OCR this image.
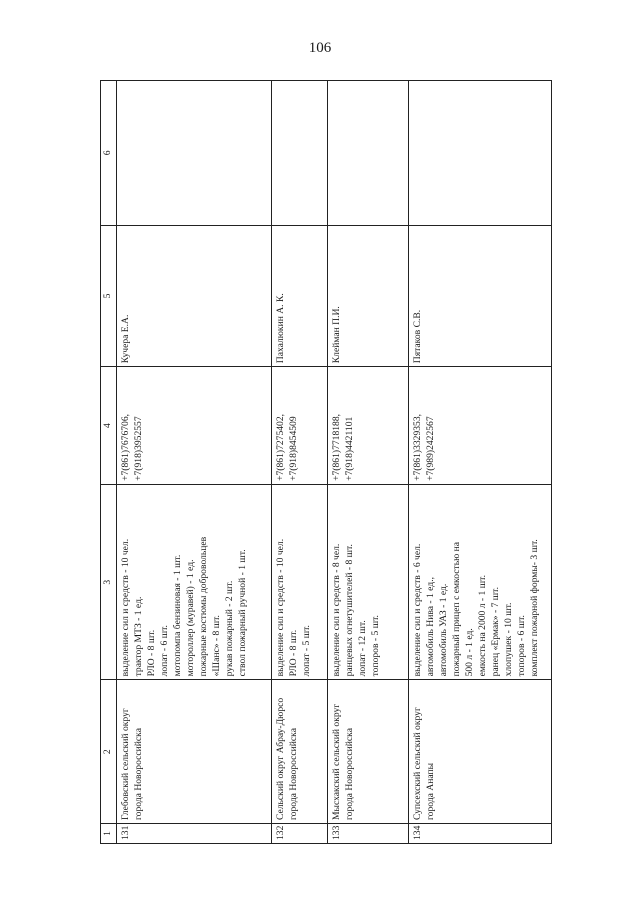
106
1
2
3
4
5
6
131
Глебовский сельский округ города Новороссийска
выделение сил и средств - 10 чел. трактор МТЗ - 1 ед. РЛО - 8 шт. лопат - 6 шт. мотопомпа бензиновая - 1 шт. мотороллер (муравей) - 1 ед. пожарные костюмы добровольцев «Шанс» - 8 шт. рукав пожарный - 2 шт. ствол пожарный ручной - 1 шт.
+7(861)7676706, +7(918)3952557
Кучера Е.А.
132
Сельский округ Абрау-Дюрсо города Новороссийска
выделение сил и средств - 10 чел. РЛО - 8 шт. лопат - 5 шт.
+7(861)7275402, +7(918)8454509
Пахалюкин А. К.
133
Мысхакский сельский округ города Новороссийска
выделение сил и средств - 8 чел. ранцевых огнетушителей - 8 шт. лопат - 12 шт. топоров - 5 шт.
+7(861)7718188, +7(918)4421101
Клейман П.И.
134
Супсехский сельский округ города Анапы
выделение сил и средств - 6 чел. автомобиль Нива - 1 ед., автомобиль УАЗ - 1 ед. пожарный прицеп с емкостью на 500 л - 1 ед. емкость на 2000 л - 1 шт. ранец «Ермак» - 7 шт. хлопушек - 10 шт. топоров - 6 шт. комплект пожарной формы- 3 шт.
+7(861)3329353, +7(989)2422567
Пятаков С.В.
